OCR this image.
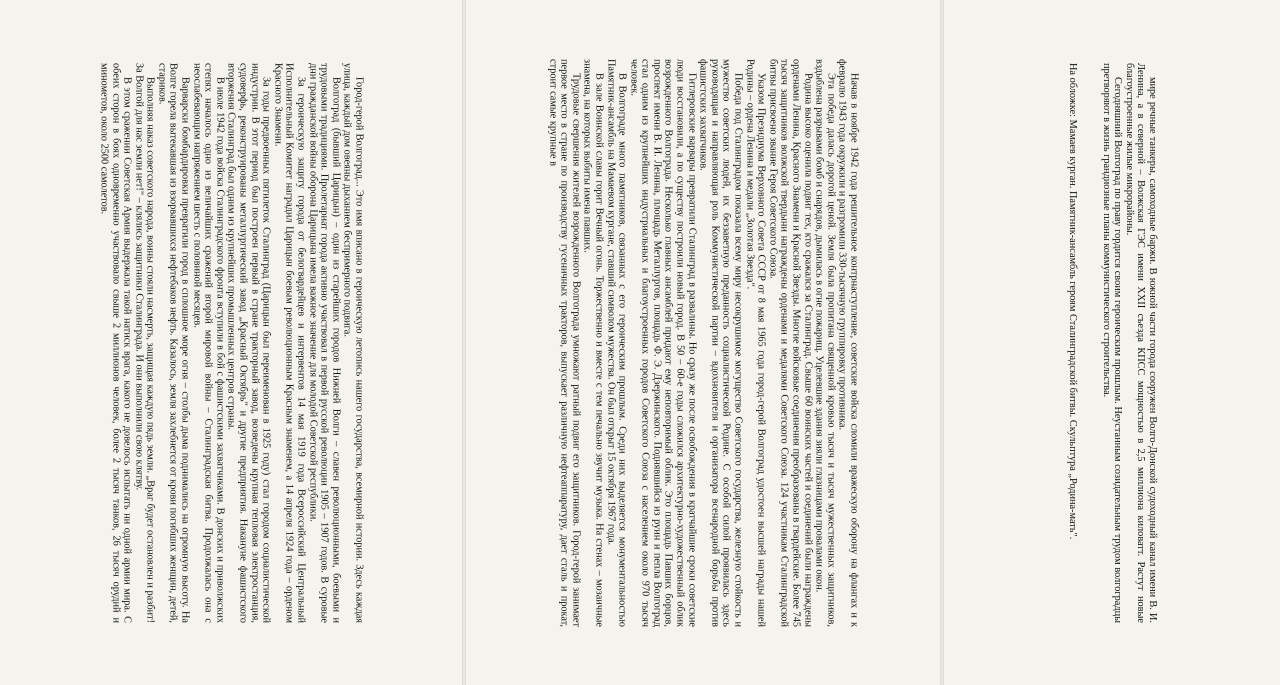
Город-герой Волгоград... Это имя вписано в героическую летопись нашего государства, всемирной истории. Здесь каждая улица, каждый дом овеяны дыханием беспримерного подвига.

Волгоград (бывший Царицын) – один из старейших городов Нижней Волги – славен революционными, боевыми и трудовыми традициями. Пролетариат города активно участвовал в первой русской революции 1905 – 1907 годов. В суровые дни гражданской войны оборона Царицына имела важное значение для молодой Советской республики.

За героическую защиту города от белогвардейцев и интервентов 14 мая 1919 года Всероссийский Центральный Исполнительный Комитет наградил Царицын боевым революционным Красным знаменем, а 14 апреля 1924 года – орденом Красного Знамени.

За годы предвоенных пятилеток Сталинград (Царицын был переименован в 1925 году) стал городом социалистической индустрии. В этот период был построен первый в стране тракторный завод, возведены крупная тепловая электростанция, судоверфь, реконструированы металлургический завод „Красный Октябрь" и другие предприятия. Накануне фашистского вторжения Сталинград был одним из крупнейших промышленных центров страны.

В июле 1942 года войска Сталинградского фронта вступили в бой с фашистскими захватчиками. В донских и приволжских степях началось одно из величайших сражений второй мировой войны – Сталинградская битва. Продолжалась она с неослабевающим напряжением шесть с половиной месяцев.

Варварски бомбардировки превратили город в сплошное море огня – столбы дыма поднимались на огромную высоту. На Волге горела вытекавшая из взорвавшихся нефтебаков нефть. Казалось, земля захлебнется от крови погибших женщин, детей, стариков.

Выполняя наказ советского народа, воины стояли насмерть, защищая каждую пядь земли. „Враг будет остановлен и разбит! За Волгой для нас земли нет!" – клялись защитники Сталинграда. И они выполнили свою клятву.

В этом сражении Советская Армия выдержала такой натиск врага, какого не довелось испытать ни одной армии мира. С обеих сторон в боях одновременно участвовало свыше 2 миллионов человек, более 2 тысяч танков, 26 тысяч орудий и минометов, около 2500 самолетов.	Начав в ноябре 1942 года решительное контрнаступление, советские войска сломили вражескую оборону на флангах и к февралю 1943 года окружили и разгромили 330-тысячную группировку противника.

Эта победа далась дорогой ценой. Земля была пропитана священной кровью тысяч и тысяч мужественных защитников, вздыблена разрывами бомб и снарядов, дымилась в огне пожарищ. Уцелевшие здания зияли глазницами провалами окон.

Родина высоко оценила подвиг тех, кто сражался за Сталинград. Свыше 60 воинских частей и соединений были награждены орденами Ленина, Красного Знамени и Красной Звезды. Многие войсковые соединения преобразованы в гвардейские. Более 745 тысяч защитников волжской твердыни награждены орденами и медалями Советского Союза. 124 участникам Сталинградской битвы присвоено звание Героя Советского Союза.

Указом Президиума Верховного Совета СССР от 8 мая 1965 года город-герой Волгоград удостоен высшей награды нашей Родины – ордена Ленина и медали „Золотая Звезда".

Победа под Сталинградом показала всему миру несокрушимое могущество Советского государства, железную стойкость и мужество советских людей, их беззаветную преданность социалистической Родине. С особой силой проявилась здесь руководящая и направляющая роль Коммунистической партии – вдохновителя и организатора всенародной борьбы против фашистских захватчиков.

Гитлеровские варвары превратили Сталинград в развалины. Но сразу же после освобождения в кратчайшие сроки советские люди восстановили, а по существу построили новый город. В 50 – 60-е годы сложился архитектурно-художественный облик возрожденного Волгограда. Несколько главных ансамблей придают ему неповторимый облик. Это площадь Павших борцов, проспект имени В. И. Ленина, площадь Металлургов, площадь Ф. Э. Дзержинского. Поднявшийся из руин и пепла Волгоград стал одним из крупнейших индустриальных и благоустроенных городов Советского Союза с населением около 970 тысяч человек.

В Волгограде много памятников, связанных с его героическим прошлым. Среди них выделяется монументальностью Памятник-ансамбль на Мамаевом кургане, ставший символом мужества. Он был открыт 15 октября 1967 года.

В зале Воинской славы горит Вечный огонь. Торжественно и вместе с тем печально звучит музыка. На стенах – мозаичные знамена, на которых выбиты имена павших.

Трудовые свершения жителей возрожденного Волгограда умножают ратный подвиг его защитников. Город-герой занимает первое место в стране по производству гусеничных тракторов, выпускает различную нефтеаппаратуру, дает сталь и прокат, строит самые крупные в	мире речные танкеры, самоходные баржи. В южной части города сооружен Волго-Донской судоходный канал имени В. И. Ленина, а в северной – Волжская ГЭС имени XXII съезда КПСС мощностью в 2,5 миллиона киловатт. Растут новые благоустроенные жилые микрорайоны.

Сегодняшний Волгоград по праву гордится своим героическим прошлым. Неустанным созидательным трудом волгоградцы претворяют в жизнь грандиозные планы коммунистического строительства.

На обложке: Мамаев курган. Памятник-ансамбль героям Сталинградской битвы. Скульптура „Родина-мать".
